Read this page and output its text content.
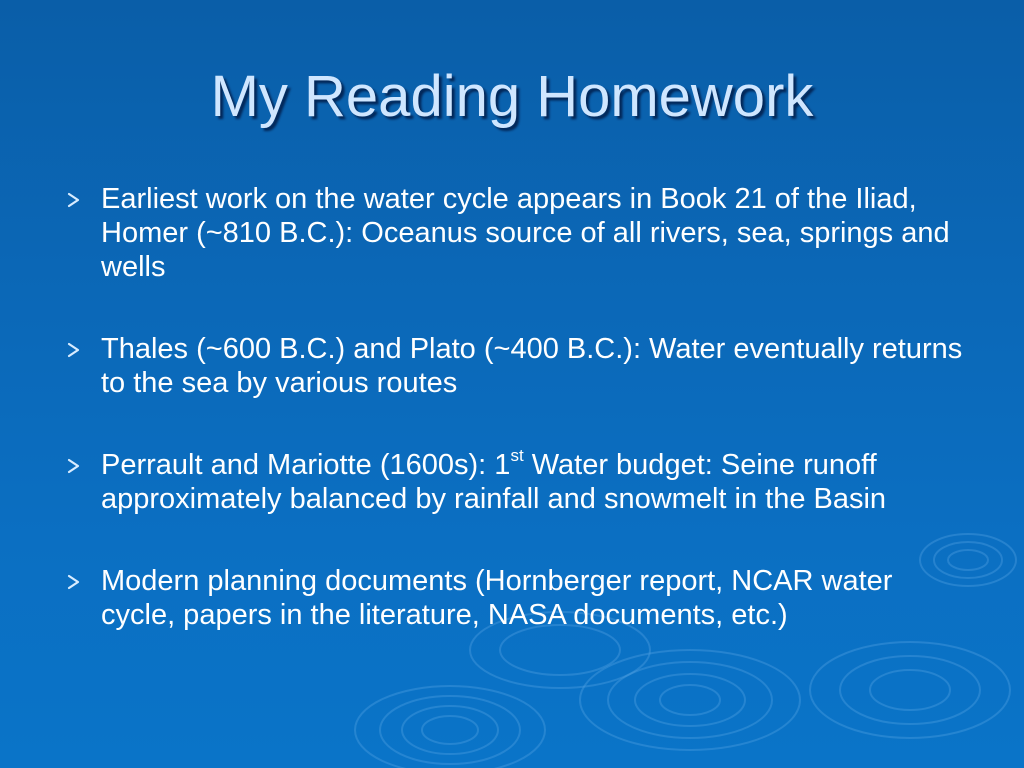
My Reading Homework
Earliest work on the water cycle appears in Book 21 of the Iliad, Homer (~810 B.C.): Oceanus source of all rivers, sea, springs and wells
Thales (~600 B.C.) and Plato (~400 B.C.): Water eventually returns to the sea by various routes
Perrault and Mariotte (1600s): 1st Water budget: Seine runoff approximately balanced by rainfall and snowmelt in the Basin
Modern planning documents (Hornberger report, NCAR water cycle, papers in the literature, NASA documents, etc.)
